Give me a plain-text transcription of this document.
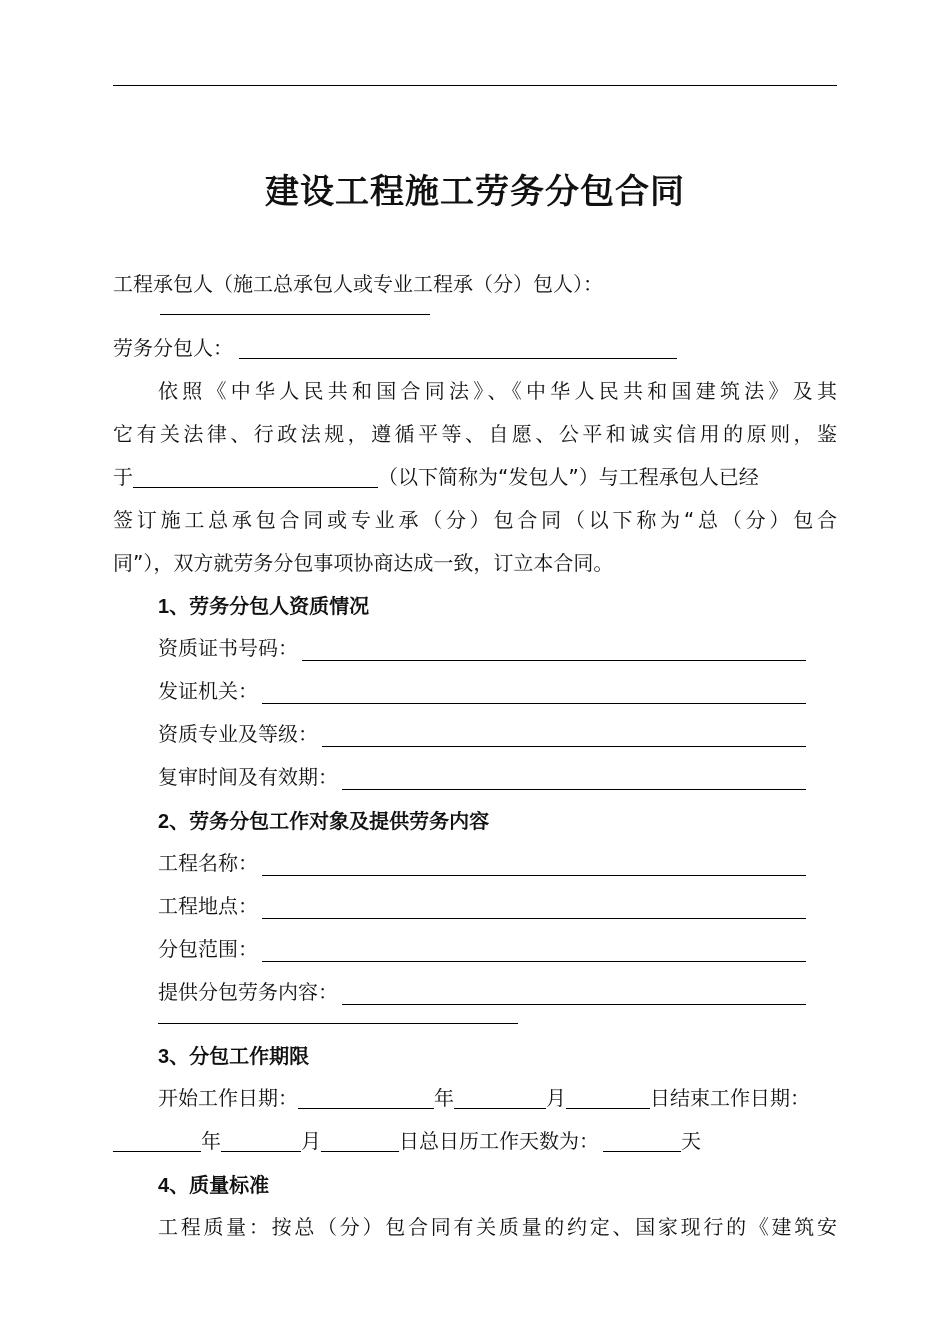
建设工程施工劳务分包合同
工程承包人（施工总承包人或专业工程承（分）包人）：
劳务分包人：
依照《中华人民共和国合同法》、《中华人民共和国建筑法》及其
它有关法律、行政法规，遵循平等、自愿、公平和诚实信用的原则，鉴
于	（以下简称为“发包人”）与工程承包人已经
签订施工总承包合同或专业承（分）包合同（以下称为“总（分）包合
同”），双方就劳务分包事项协商达成一致，订立本合同。
1、劳务分包人资质情况
资质证书号码：
发证机关：
资质专业及等级：
复审时间及有效期：
2、劳务分包工作对象及提供劳务内容
工程名称：
工程地点：
分包范围：
提供分包劳务内容：
3、分包工作期限
开始工作日期：	年	月	日结束工作日期：
年	月	日总日历工作天数为：	天
4、质量标准
工程质量：按总（分）包合同有关质量的约定、国家现行的《建筑安
